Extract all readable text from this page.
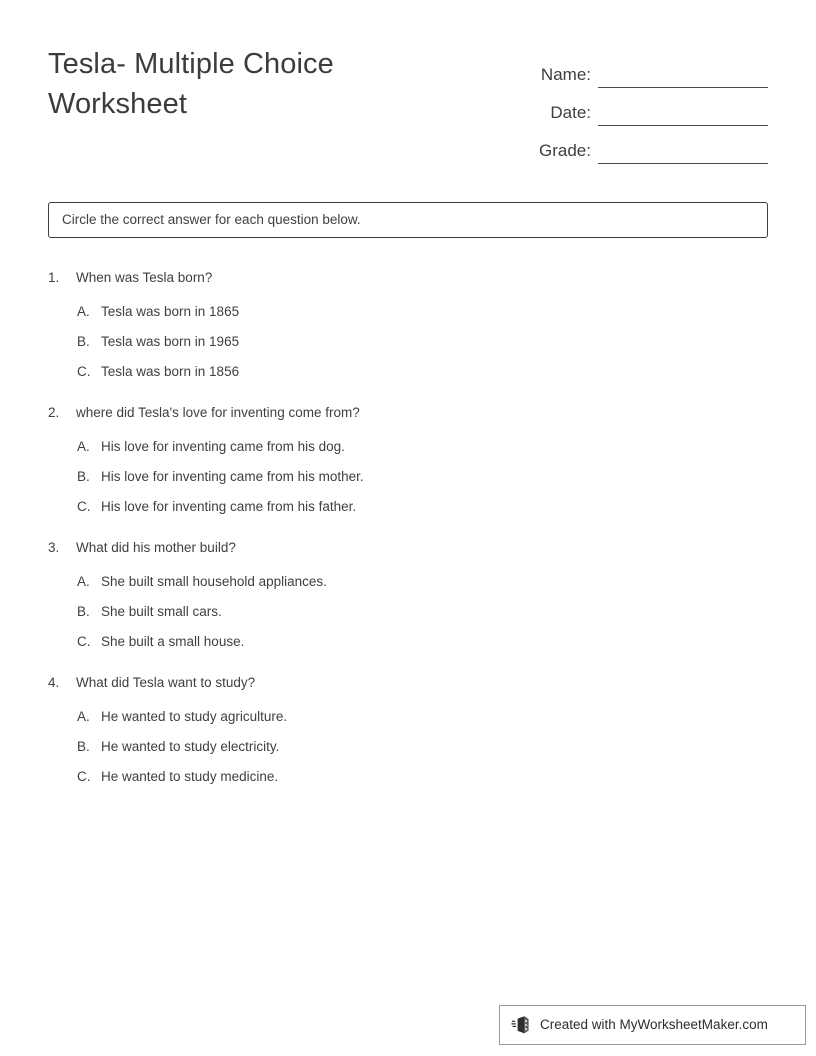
Tesla- Multiple Choice Worksheet
Name:
Date:
Grade:
Circle the correct answer for each question below.
1.	When was Tesla born?
A. Tesla was born in 1865
B. Tesla was born in 1965
C. Tesla was born in 1856
2.	where did Tesla's love for inventing come from?
A. His love for inventing came from his dog.
B. His love for inventing came from his mother.
C. His love for inventing came from his father.
3.	What did his mother build?
A. She built small household appliances.
B. She built small cars.
C. She built a small house.
4.	What did Tesla want to study?
A. He wanted to study agriculture.
B. He wanted to study electricity.
C. He wanted to study medicine.
Created with MyWorksheetMaker.com
